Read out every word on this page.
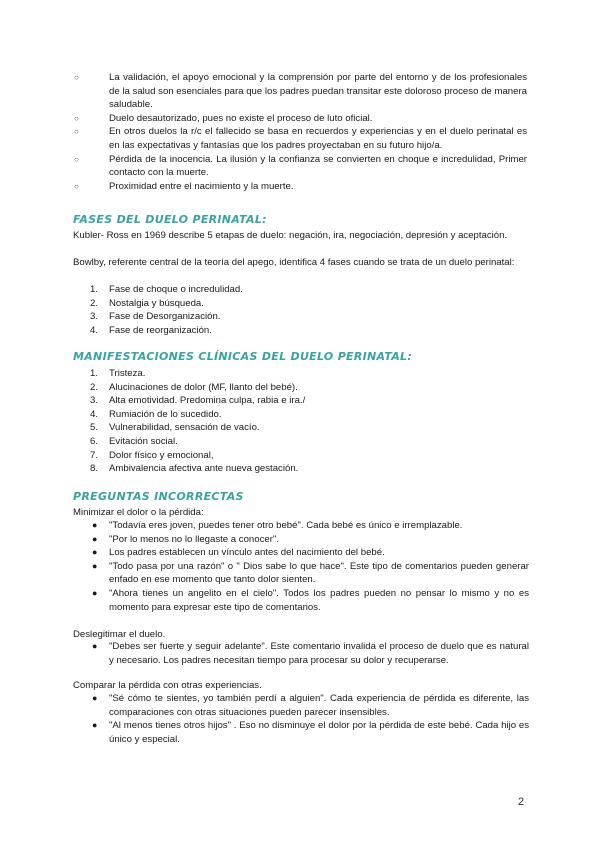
○	La validación, el apoyo emocional y la comprensión por parte del entorno y de los profesionales de la salud son esenciales para que los padres puedan transitar este doloroso proceso de manera saludable.
○	Duelo desautorizado, pues no existe el proceso de luto oficial.
○	En otros duelos la r/c el fallecido se basa en recuerdos y experiencias y en el duelo perinatal es en las expectativas y fantasías que los padres proyectaban en su futuro hijo/a.
○	Pérdida de la inocencia. La ilusión y la confianza se convierten en choque e incredulidad, Primer contacto con la muerte.
○	Proximidad entre el nacimiento y la muerte.
FASES DEL DUELO PERINATAL:
Kubler- Ross en 1969 describe 5 etapas de duelo: negación, ira, negociación, depresión y aceptación.
Bowlby, referente central de la teoría del apego, identifica 4 fases cuando se trata de un duelo perinatal:
1. Fase de choque o incredulidad.
2. Nostalgia y búsqueda.
3. Fase de Desorganización.
4. Fase de reorganización.
MANIFESTACIONES CLÍNICAS DEL DUELO PERINATAL:
1. Tristeza.
2. Alucinaciones de dolor (MF, llanto del bebé).
3. Alta emotividad. Predomina culpa, rabia e ira./
4. Rumiación de lo sucedido.
5. Vulnerabilidad, sensación de vacío.
6. Evitación social.
7. Dolor físico y emocional,
8. Ambivalencia afectiva ante nueva gestación.
PREGUNTAS INCORRECTAS
Minimizar el dolor o la pérdida:
● "Todavía eres joven, puedes tener otro bebé". Cada bebé es único e irremplazable.
● "Por lo menos no lo llegaste a conocer".
● Los padres establecen un vínculo antes del nacimiento del bebé.
● "Todo pasa por una razón" o " Dios sabe lo que hace". Este tipo de comentarios pueden generar enfado en ese momento que tanto dolor sienten.
● "Ahora tienes un angelito en el cielo". Todos los padres pueden no pensar lo mismo y no es momento para expresar este tipo de comentarios.
Deslegitimar el duelo.
● "Debes ser fuerte y seguir adelante". Este comentario invalida el proceso de duelo que es natural y necesario. Los padres necesitan tiempo para procesar su dolor y recuperarse.
Comparar la pérdida con otras experiencias.
● "Sé cómo te sientes, yo también perdí a alguien". Cada experiencia de pérdida es diferente, las comparaciones con otras situaciones pueden parecer insensibles.
● "Al menos tienes otros hijos" . Eso no disminuye el dolor por la pérdida de este bebé. Cada hijo es único y especial.
2
